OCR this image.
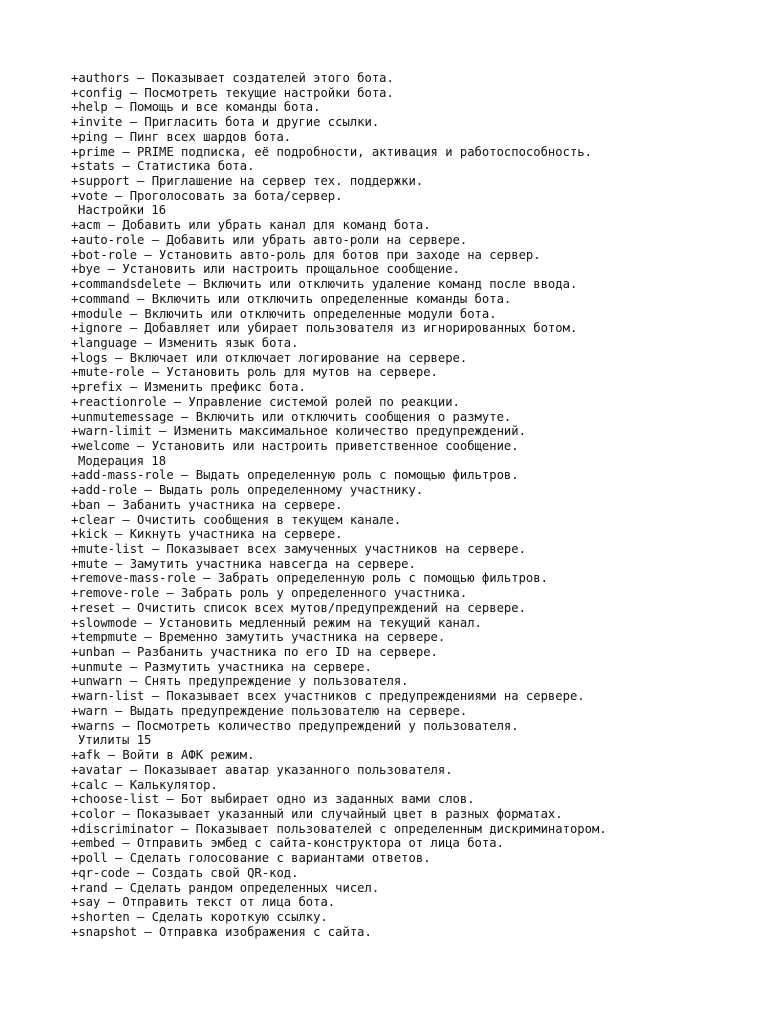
+authors — Показывает создателей этого бота.
+config — Посмотреть текущие настройки бота.
+help — Помощь и все команды бота.
+invite — Пригласить бота и другие ссылки.
+ping — Пинг всех шардов бота.
+prime — PRIME подписка, её подробности, активация и работоспособность.
+stats — Статистика бота.
+support — Приглашение на сервер тех. поддержки.
+vote — Проголосовать за бота/сервер.
Настройки 16
+acm — Добавить или убрать канал для команд бота.
+auto-role — Добавить или убрать авто-роли на сервере.
+bot-role — Установить авто-роль для ботов при заходе на сервер.
+bye — Установить или настроить прощальное сообщение.
+commandsdelete — Включить или отключить удаление команд после ввода.
+command — Включить или отключить определенные команды бота.
+module — Включить или отключить определенные модули бота.
+ignore — Добавляет или убирает пользователя из игнорированных ботом.
+language — Изменить язык бота.
+logs — Включает или отключает логирование на сервере.
+mute-role — Установить роль для мутов на сервере.
+prefix — Изменить префикс бота.
+reactionrole — Управление системой ролей по реакции.
+unmutemessage — Включить или отключить сообщения о размуте.
+warn-limit — Изменить максимальное количество предупреждений.
+welcome — Установить или настроить приветственное сообщение.
Модерация 18
+add-mass-role — Выдать определенную роль с помощью фильтров.
+add-role — Выдать роль определенному участнику.
+ban — Забанить участника на сервере.
+clear — Очистить сообщения в текущем канале.
+kick — Кикнуть участника на сервере.
+mute-list — Показывает всех замученных участников на сервере.
+mute — Замутить участника навсегда на сервере.
+remove-mass-role — Забрать определенную роль с помощью фильтров.
+remove-role — Забрать роль у определенного участника.
+reset — Очистить список всех мутов/предупреждений на сервере.
+slowmode — Установить медленный режим на текущий канал.
+tempmute — Временно замутить участника на сервере.
+unban — Разбанить участника по его ID на сервере.
+unmute — Размутить участника на сервере.
+unwarn — Снять предупреждение у пользователя.
+warn-list — Показывает всех участников с предупреждениями на сервере.
+warn — Выдать предупреждение пользователю на сервере.
+warns — Посмотреть количество предупреждений у пользователя.
Утилиты 15
+afk — Войти в АФК режим.
+avatar — Показывает аватар указанного пользователя.
+calc — Калькулятор.
+choose-list — Бот выбирает одно из заданных вами слов.
+color — Показывает указанный или случайный цвет в разных форматах.
+discriminator — Показывает пользователей с определенным дискриминатором.
+embed — Отправить эмбед с сайта-конструктора от лица бота.
+poll — Сделать голосование с вариантами ответов.
+qr-code — Создать свой QR-код.
+rand — Сделать рандом определенных чисел.
+say — Отправить текст от лица бота.
+shorten — Сделать короткую ссылку.
+snapshot — Отправка изображения с сайта.
